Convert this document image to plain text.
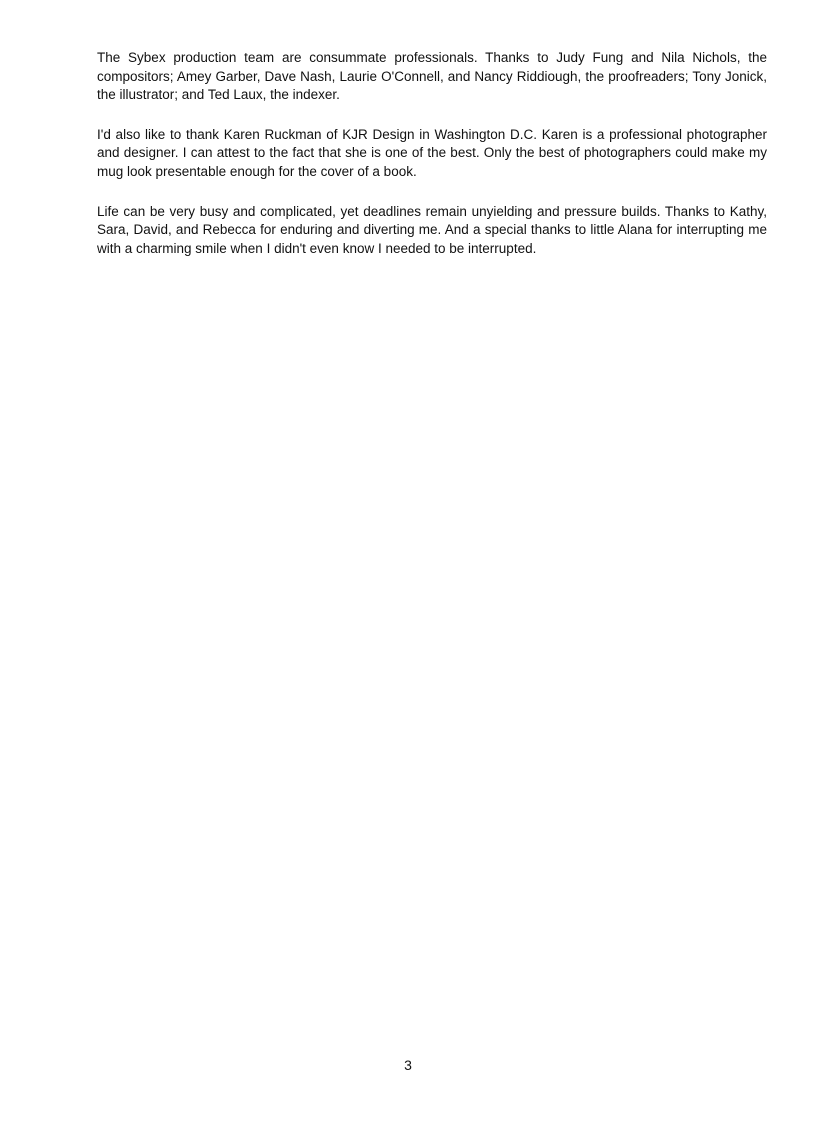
The Sybex production team are consummate professionals. Thanks to Judy Fung and Nila Nichols, the compositors; Amey Garber, Dave Nash, Laurie O'Connell, and Nancy Riddiough, the proofreaders; Tony Jonick, the illustrator; and Ted Laux, the indexer.

I'd also like to thank Karen Ruckman of KJR Design in Washington D.C. Karen is a professional photographer and designer. I can attest to the fact that she is one of the best. Only the best of photographers could make my mug look presentable enough for the cover of a book.

Life can be very busy and complicated, yet deadlines remain unyielding and pressure builds. Thanks to Kathy, Sara, David, and Rebecca for enduring and diverting me. And a special thanks to little Alana for interrupting me with a charming smile when I didn't even know I needed to be interrupted.

3
